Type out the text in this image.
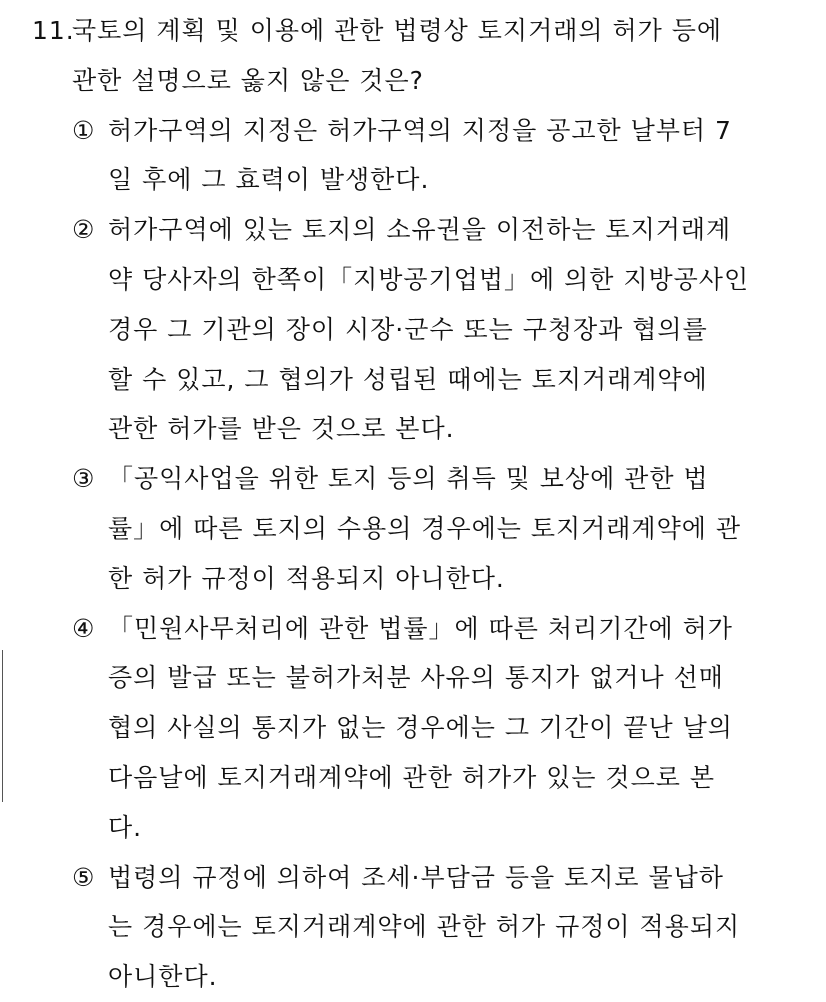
11.
국토의 계획 및 이용에 관한 법령상 토지거래의 허가 등에
관한 설명으로 옳지 않은 것은?
① 허가구역의 지정은 허가구역의 지정을 공고한 날부터 7
일 후에 그 효력이 발생한다.
② 허가구역에 있는 토지의 소유권을 이전하는 토지거래계
약 당사자의 한쪽이「지방공기업법」에 의한 지방공사인
경우 그 기관의 장이 시장·군수 또는 구청장과 협의를
할 수 있고, 그 협의가 성립된 때에는 토지거래계약에
관한 허가를 받은 것으로 본다.
③ 「공익사업을 위한 토지 등의 취득 및 보상에 관한 법
률」에 따른 토지의 수용의 경우에는 토지거래계약에 관
한 허가 규정이 적용되지 아니한다.
④ 「민원사무처리에 관한 법률」에 따른 처리기간에 허가
증의 발급 또는 불허가처분 사유의 통지가 없거나 선매
협의 사실의 통지가 없는 경우에는 그 기간이 끝난 날의
다음날에 토지거래계약에 관한 허가가 있는 것으로 본
다.
⑤ 법령의 규정에 의하여 조세·부담금 등을 토지로 물납하
는 경우에는 토지거래계약에 관한 허가 규정이 적용되지
아니한다.
